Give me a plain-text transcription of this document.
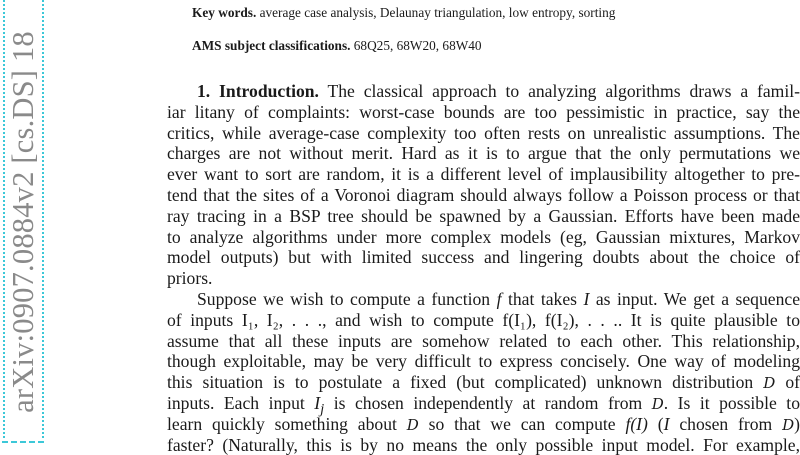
arXiv:0907.0884v2 [cs.DS] 18
Key words. average case analysis, Delaunay triangulation, low entropy, sorting
AMS subject classifications. 68Q25, 68W20, 68W40
1. Introduction. The classical approach to analyzing algorithms draws a famil-
iar litany of complaints: worst-case bounds are too pessimistic in practice, say the
critics, while average-case complexity too often rests on unrealistic assumptions. The
charges are not without merit. Hard as it is to argue that the only permutations we
ever want to sort are random, it is a different level of implausibility altogether to pre-
tend that the sites of a Voronoi diagram should always follow a Poisson process or that
ray tracing in a BSP tree should be spawned by a Gaussian. Efforts have been made
to analyze algorithms under more complex models (eg, Gaussian mixtures, Markov
model outputs) but with limited success and lingering doubts about the choice of
priors.
Suppose we wish to compute a function f that takes I as input. We get a sequence
of inputs I₁, I₂, . . ., and wish to compute f(I₁), f(I₂), . . .. It is quite plausible to
assume that all these inputs are somehow related to each other. This relationship,
though exploitable, may be very difficult to express concisely. One way of modeling
this situation is to postulate a fixed (but complicated) unknown distribution D of
inputs. Each input $I_j$ is chosen independently at random from D. Is it possible to
learn quickly something about D so that we can compute f(I) (I chosen from D)
faster? (Naturally, this is by no means the only possible input model. For example,
